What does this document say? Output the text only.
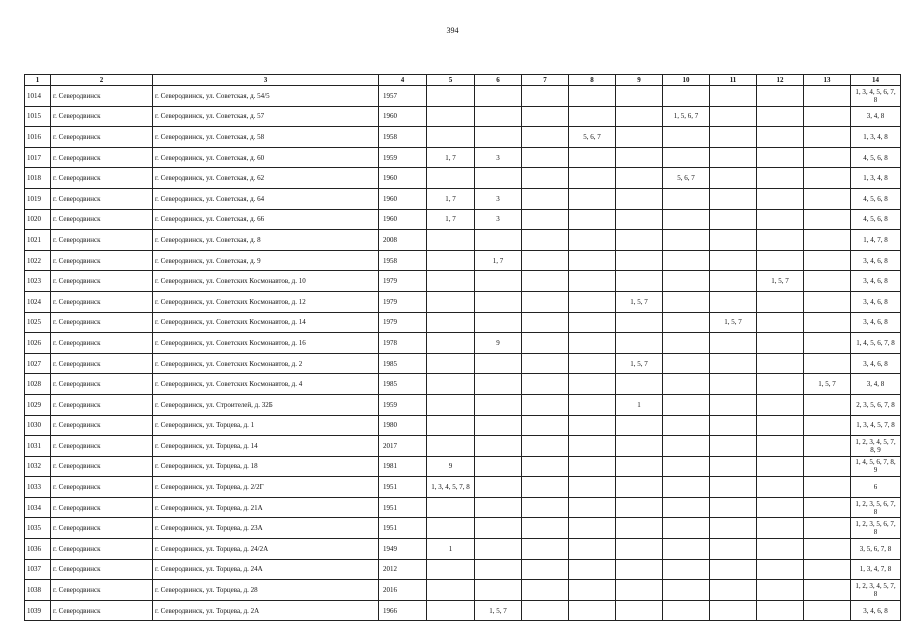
394
1	2	3	4	5	6	7	8	9	10	11	12	13	14
1014	г. Северодвинск	г. Северодвинск, ул. Советская, д. 54/5	1957										1, 3, 4, 5, 6, 7, 8
1015	г. Северодвинск	г. Северодвинск, ул. Советская, д. 57	1960						1, 5, 6, 7				3, 4, 8
1016	г. Северодвинск	г. Северодвинск, ул. Советская, д. 58	1958				5, 6, 7						1, 3, 4, 8
1017	г. Северодвинск	г. Северодвинск, ул. Советская, д. 60	1959	1, 7	3								4, 5, 6, 8
1018	г. Северодвинск	г. Северодвинск, ул. Советская, д. 62	1960						5, 6, 7				1, 3, 4, 8
1019	г. Северодвинск	г. Северодвинск, ул. Советская, д. 64	1960	1, 7	3								4, 5, 6, 8
1020	г. Северодвинск	г. Северодвинск, ул. Советская, д. 66	1960	1, 7	3								4, 5, 6, 8
1021	г. Северодвинск	г. Северодвинск, ул. Советская, д. 8	2008										1, 4, 7, 8
1022	г. Северодвинск	г. Северодвинск, ул. Советская, д. 9	1958		1, 7								3, 4, 6, 8
1023	г. Северодвинск	г. Северодвинск, ул. Советских Космонавтов, д. 10	1979								1, 5, 7		3, 4, 6, 8
1024	г. Северодвинск	г. Северодвинск, ул. Советских Космонавтов, д. 12	1979					1, 5, 7					3, 4, 6, 8
1025	г. Северодвинск	г. Северодвинск, ул. Советских Космонавтов, д. 14	1979							1, 5, 7			3, 4, 6, 8
1026	г. Северодвинск	г. Северодвинск, ул. Советских Космонавтов, д. 16	1978		9								1, 4, 5, 6, 7, 8
1027	г. Северодвинск	г. Северодвинск, ул. Советских Космонавтов, д. 2	1985					1, 5, 7					3, 4, 6, 8
1028	г. Северодвинск	г. Северодвинск, ул. Советских Космонавтов, д. 4	1985									1, 5, 7	3, 4, 8
1029	г. Северодвинск	г. Северодвинск, ул. Строителей, д. 32Б	1959					1					2, 3, 5, 6, 7, 8
1030	г. Северодвинск	г. Северодвинск, ул. Торцева, д. 1	1980										1, 3, 4, 5, 7, 8
1031	г. Северодвинск	г. Северодвинск, ул. Торцева, д. 14	2017										1, 2, 3, 4, 5, 7, 8, 9
1032	г. Северодвинск	г. Северодвинск, ул. Торцева, д. 18	1981	9									1, 4, 5, 6, 7, 8, 9
1033	г. Северодвинск	г. Северодвинск, ул. Торцева, д. 2/2Г	1951	1, 3, 4, 5, 7, 8									6
1034	г. Северодвинск	г. Северодвинск, ул. Торцева, д. 21А	1951										1, 2, 3, 5, 6, 7, 8
1035	г. Северодвинск	г. Северодвинск, ул. Торцева, д. 23А	1951										1, 2, 3, 5, 6, 7, 8
1036	г. Северодвинск	г. Северодвинск, ул. Торцева, д. 24/2А	1949	1									3, 5, 6, 7, 8
1037	г. Северодвинск	г. Северодвинск, ул. Торцева, д. 24А	2012										1, 3, 4, 7, 8
1038	г. Северодвинск	г. Северодвинск, ул. Торцева, д. 28	2016										1, 2, 3, 4, 5, 7, 8
1039	г. Северодвинск	г. Северодвинск, ул. Торцева, д. 2А	1966		1, 5, 7								3, 4, 6, 8
